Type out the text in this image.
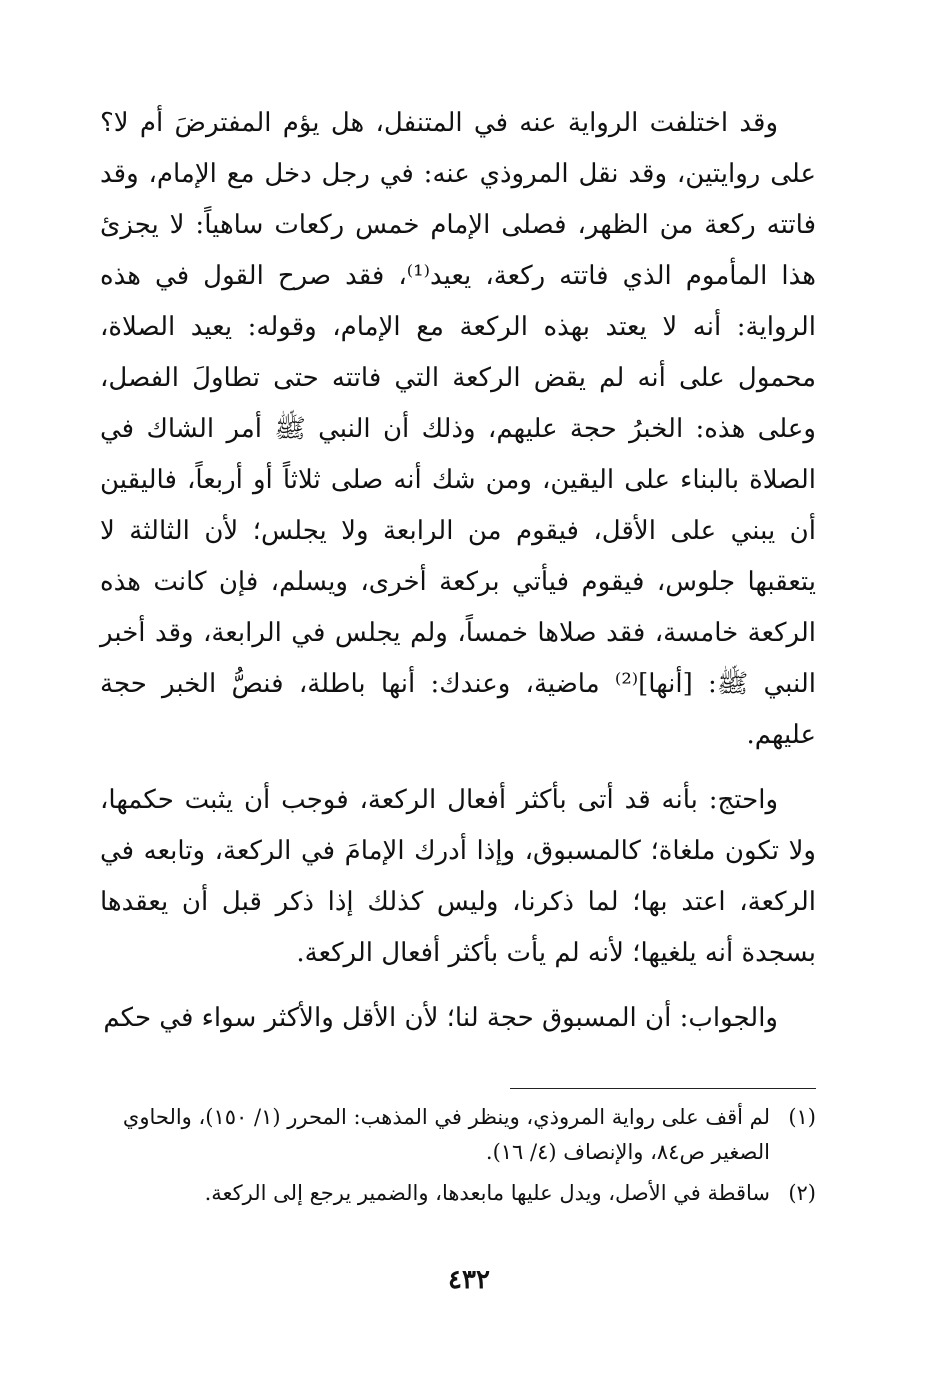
وقد اختلفت الرواية عنه في المتنفل، هل يؤم المفترضَ أم لا؟ على روايتين، وقد نقل المروذي عنه: في رجل دخل مع الإمام، وقد فاتته ركعة من الظهر، فصلى الإمام خمس ركعات ساهياً: لا يجزئ هذا المأموم الذي فاتته ركعة، يعيد⁽¹⁾، فقد صرح القول في هذه الرواية: أنه لا يعتد بهذه الركعة مع الإمام، وقوله: يعيد الصلاة، محمول على أنه لم يقض الركعة التي فاتته حتى تطاولَ الفصل، وعلى هذه: الخبرُ حجة عليهم، وذلك أن النبي ﷺ أمر الشاك في الصلاة بالبناء على اليقين، ومن شك أنه صلى ثلاثاً أو أربعاً، فاليقين أن يبني على الأقل، فيقوم من الرابعة ولا يجلس؛ لأن الثالثة لا يتعقبها جلوس، فيقوم فيأتي بركعة أخرى، ويسلم، فإن كانت هذه الركعة خامسة، فقد صلاها خمساً، ولم يجلس في الرابعة، وقد أخبر النبي ﷺ: [أنها]⁽²⁾ ماضية، وعندك: أنها باطلة، فنصُّ الخبر حجة عليهم.

واحتج: بأنه قد أتى بأكثر أفعال الركعة، فوجب أن يثبت حكمها، ولا تكون ملغاة؛ كالمسبوق، وإذا أدرك الإمامَ في الركعة، وتابعه في الركعة، اعتد بها؛ لما ذكرنا، وليس كذلك إذا ذكر قبل أن يعقدها بسجدة أنه يلغيها؛ لأنه لم يأت بأكثر أفعال الركعة.

والجواب: أن المسبوق حجة لنا؛ لأن الأقل والأكثر سواء في حكم

(١)
لم أقف على رواية المروذي، وينظر في المذهب: المحرر (١/ ١٥٠)، والحاوي الصغير ص٨٤، والإنصاف (٤/ ١٦).
(٢)
ساقطة في الأصل، ويدل عليها مابعدها، والضمير يرجع إلى الركعة.
٤٣٢
